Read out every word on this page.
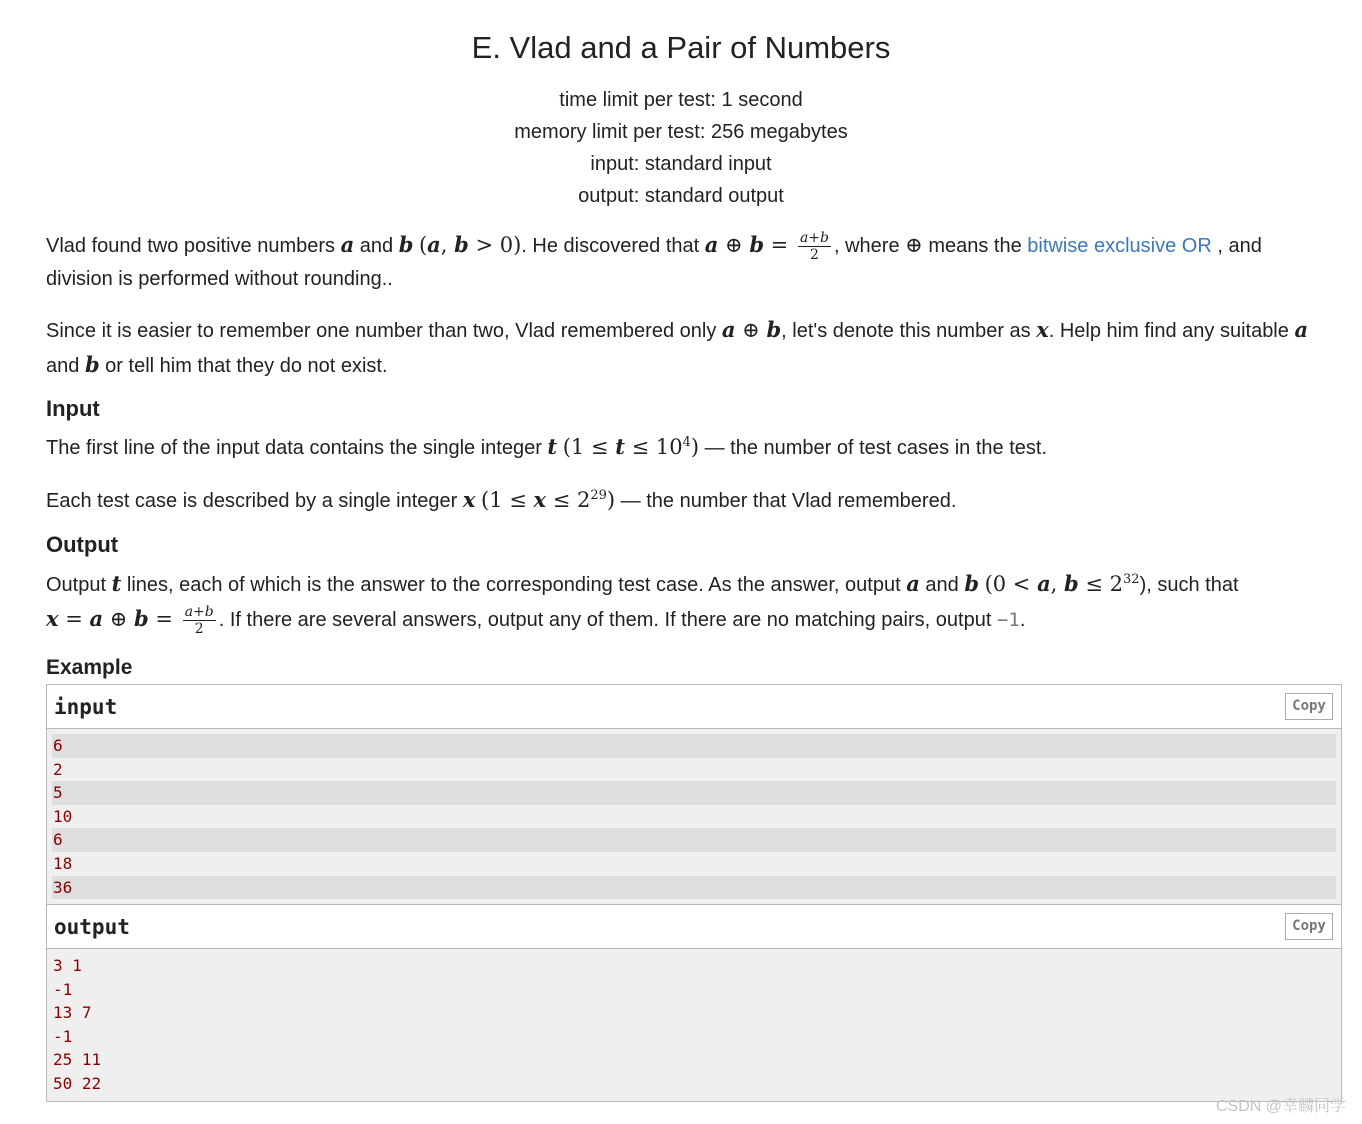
E. Vlad and a Pair of Numbers
time limit per test: 1 second
memory limit per test: 256 megabytes
input: standard input
output: standard output
Vlad found two positive numbers a and b (a, b > 0). He discovered that a ⊕ $b = \frac{a+b}{2}$ , where ⊕ means the bitwise exclusive OR , and division is performed without rounding..
Since it is easier to remember one number than two, Vlad remembered only a ⊕ b, let's denote this number as x. Help him find any suitable a and b or tell him that they do not exist.
Input
The first line of the input data contains the single integer t $(1 \le t \le 10^4)$ — the number of test cases in the test.
Each test case is described by a single integer x $(1 \le x \le 2^{29})$ — the number that Vlad remembered.
Output
Output t lines, each of which is the answer to the corresponding test case. As the answer, output a and b (0 < a, $b \le 2^{32}$), such that
x = a ⊕ $b = \frac{a+b}{2}$ . If there are several answers, output any of them. If there are no matching pairs, output −1.
Example
input	Copy
6
2
5
10
6
18
36
output	Copy
3 1
-1
13 7
-1
25 11
50 22
CSDN @幸麟同学
